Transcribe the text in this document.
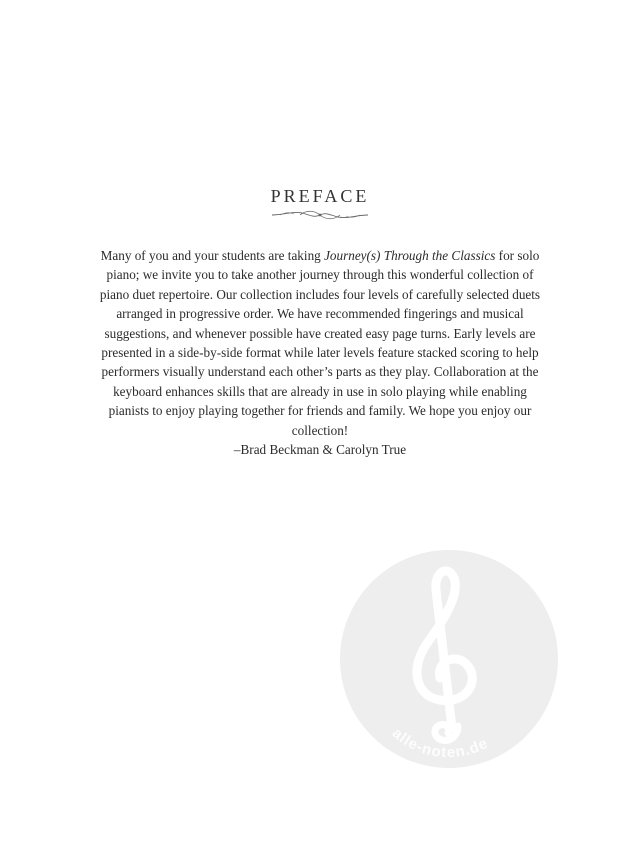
PREFACE

Many of you and your students are taking Journey(s) Through the Classics for solo piano; we invite you to take another journey through this wonderful collection of piano duet repertoire. Our collection includes four levels of carefully selected duets arranged in progressive order. We have recommended fingerings and musical suggestions, and whenever possible have created easy page turns. Early levels are presented in a side-by-side format while later levels feature stacked scoring to help performers visually understand each other’s parts as they play. Collaboration at the keyboard enhances skills that are already in use in solo playing while enabling pianists to enjoy playing together for friends and family. We hope you enjoy our collection!

–Brad Beckman & Carolyn True
alle-noten.de
